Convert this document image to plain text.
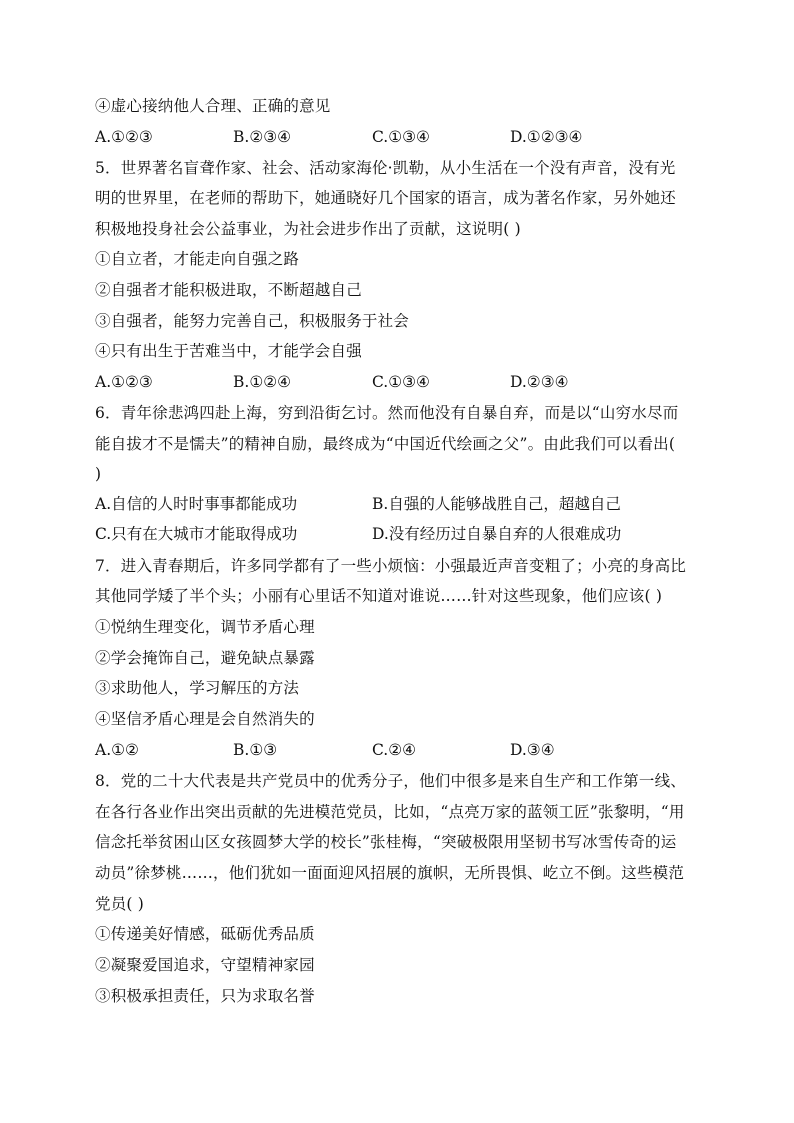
④虚心接纳他人合理、正确的意见
A.①②③	B.②③④	C.①③④	D.①②③④
5．世界著名盲聋作家、社会、活动家海伦·凯勒，从小生活在一个没有声音，没有光
明的世界里，在老师的帮助下，她通晓好几个国家的语言，成为著名作家，另外她还
积极地投身社会公益事业，为社会进步作出了贡献，这说明( )
①自立者，才能走向自强之路
②自强者才能积极进取，不断超越自己
③自强者，能努力完善自己，积极服务于社会
④只有出生于苦难当中，才能学会自强
A.①②③	B.①②④	C.①③④	D.②③④
6．青年徐悲鸿四赴上海，穷到沿街乞讨。然而他没有自暴自弃，而是以“山穷水尽而
能自拔才不是懦夫”的精神自励，最终成为“中国近代绘画之父”。由此我们可以看出(
)
A.自信的人时时事事都能成功	B.自强的人能够战胜自己，超越自己
C.只有在大城市才能取得成功	D.没有经历过自暴自弃的人很难成功
7．进入青春期后，许多同学都有了一些小烦恼：小强最近声音变粗了；小亮的身高比
其他同学矮了半个头；小丽有心里话不知道对谁说……针对这些现象，他们应该( )
①悦纳生理变化，调节矛盾心理
②学会掩饰自己，避免缺点暴露
③求助他人，学习解压的方法
④坚信矛盾心理是会自然消失的
A.①②	B.①③	C.②④	D.③④
8．党的二十大代表是共产党员中的优秀分子，他们中很多是来自生产和工作第一线、
在各行各业作出突出贡献的先进模范党员，比如，“点亮万家的蓝领工匠”张黎明，“用
信念托举贫困山区女孩圆梦大学的校长”张桂梅，“突破极限用坚韧书写冰雪传奇的运
动员”徐梦桃……，他们犹如一面面迎风招展的旗帜，无所畏惧、屹立不倒。这些模范
党员( )
①传递美好情感，砥砺优秀品质
②凝聚爱国追求，守望精神家园
③积极承担责任，只为求取名誉
